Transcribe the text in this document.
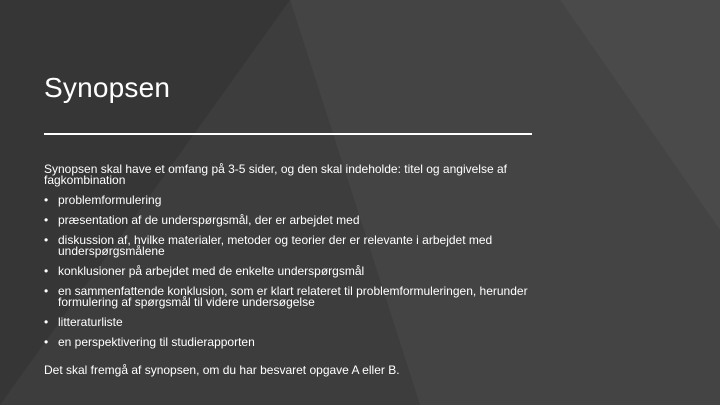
Synopsen

Synopsen skal have et omfang på 3-5 sider, og den skal indeholde: titel og angivelse af fagkombination

• problemformulering
• præsentation af de underspørgsmål, der er arbejdet med
• diskussion af, hvilke materialer, metoder og teorier der er relevante i arbejdet med underspørgsmålene
• konklusioner på arbejdet med de enkelte underspørgsmål
• en sammenfattende konklusion, som er klart relateret til problemformuleringen, herunder formulering af spørgsmål til videre undersøgelse
• litteraturliste
• en perspektivering til studierapporten

Det skal fremgå af synopsen, om du har besvaret opgave A eller B.
